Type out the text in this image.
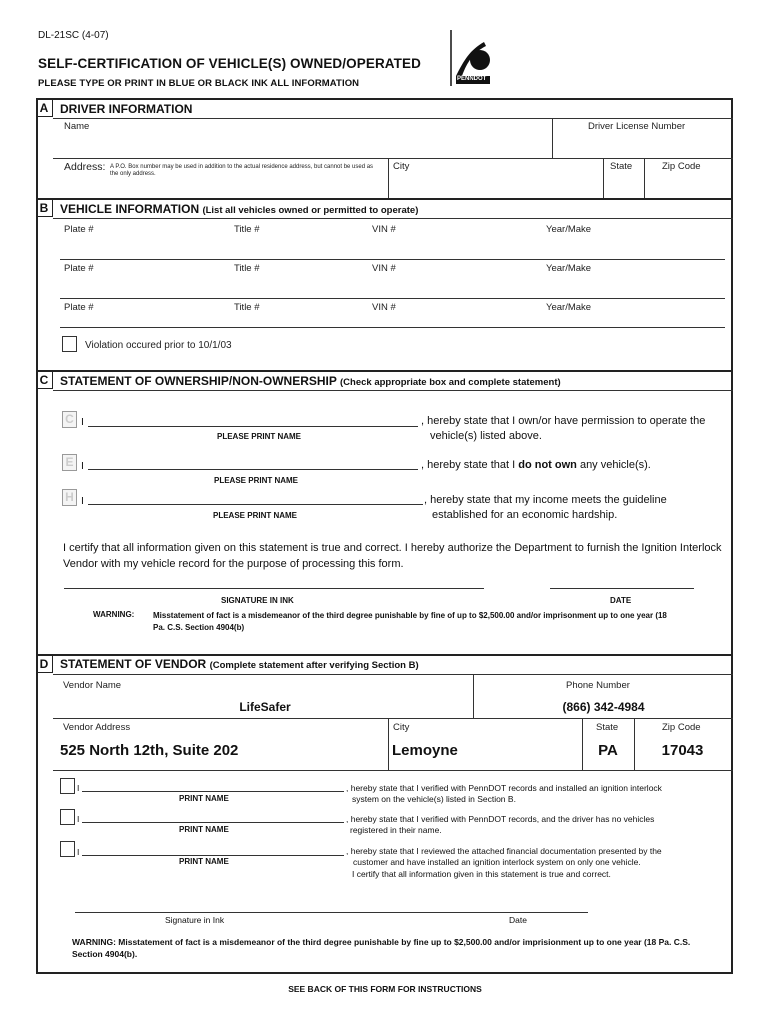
DL-21SC (4-07)
SELF-CERTIFICATION OF VEHICLE(S) OWNED/OPERATED
PLEASE TYPE OR PRINT IN BLUE OR BLACK INK ALL INFORMATION	PENNDOT
A DRIVER INFORMATION
Name	Driver License Number
Address: A P.O. Box number may be used in addition to the actual residence address, but cannot be used as the only address.
City	State	Zip Code
B VEHICLE INFORMATION (List all vehicles owned or permitted to operate)
Plate #	Title #	VIN #	Year/Make
Plate #	Title #	VIN #	Year/Make
Plate #	Title #	VIN #	Year/Make
Violation occured prior to 10/1/03
C STATEMENT OF OWNERSHIP/NON-OWNERSHIP (Check appropriate box and complete statement)
C I	, hereby state that I own/or have permission to operate the
vehicle(s) listed above.
PLEASE PRINT NAME
E I	, hereby state that I do not own any vehicle(s).
PLEASE PRINT NAME
H I	, hereby state that my income meets the guideline
established for an economic hardship.
PLEASE PRINT NAME
I certify that all information given on this statement is true and correct. I hereby authorize the Department to furnish the Ignition Interlock Vendor with my vehicle record for the purpose of processing this form.
SIGNATURE IN INK	DATE
WARNING: Misstatement of fact is a misdemeanor of the third degree punishable by fine of up to $2,500.00 and/or imprisonment up to one year (18 Pa. C.S. Section 4904(b)
D STATEMENT OF VENDOR (Complete statement after verifying Section B)
Vendor Name	Phone Number
LifeSafer	(866) 342-4984
Vendor Address	City	State	Zip Code
525 North 12th, Suite 202	Lemoyne	PA	17043
I	, hereby state that I verified with PennDOT records and installed an ignition interlock
system on the vehicle(s) listed in Section B.
PRINT NAME
I	, hereby state that I verified with PennDOT records, and the driver has no vehicles
registered in their name.
PRINT NAME
I	, hereby state that I reviewed the attached financial documentation presented by the
customer and have installed an ignition interlock system on only one vehicle.
I certify that all information given in this statement is true and correct.
PRINT NAME
Signature in Ink	Date
WARNING: Misstatement of fact is a misdemeanor of the third degree punishable by fine up to $2,500.00 and/or imprisionment up to one year (18 Pa. C.S. Section 4904(b).
SEE BACK OF THIS FORM FOR INSTRUCTIONS
